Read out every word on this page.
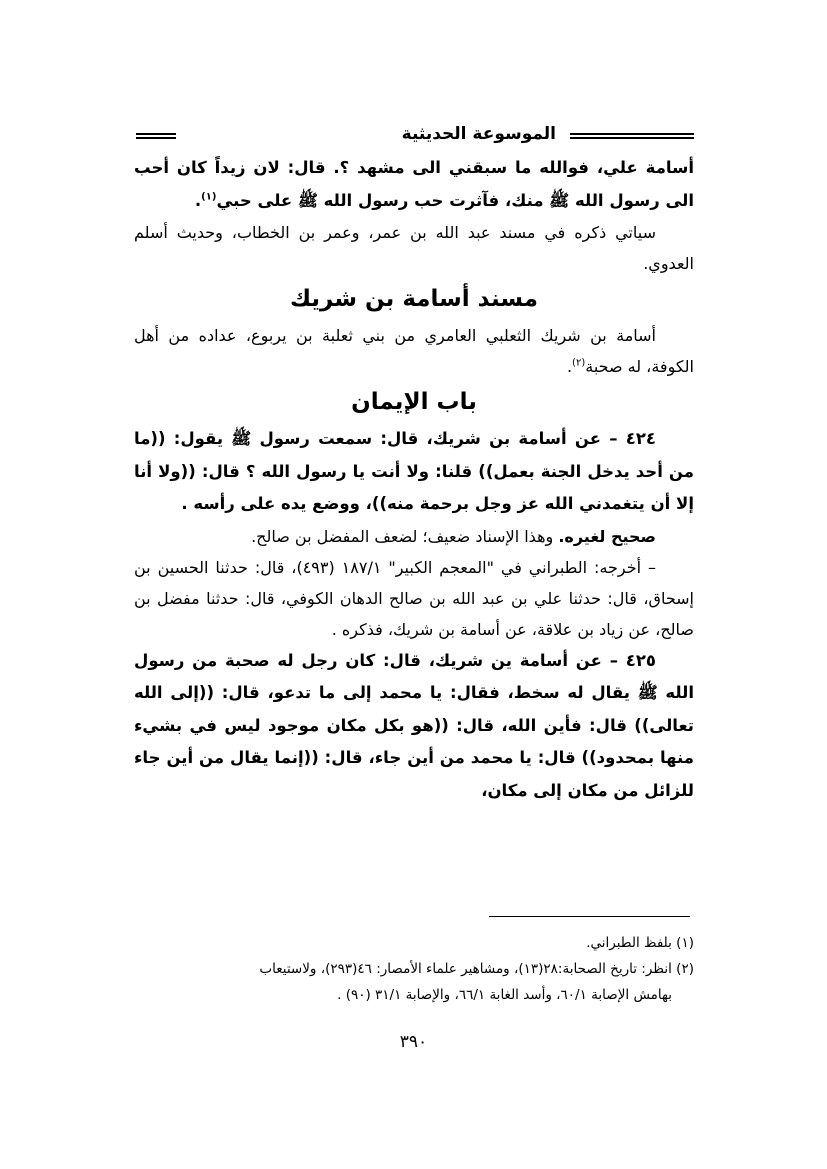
الموسوعة الحديثية

أسامة علي، فوالله ما سبقني الى مشهد ؟. قال: لان زيداً كان أحب الى رسول الله ﷺ منك، فآثرت حب رسول الله ﷺ على حبي$^{(١)}$.

سياتي ذكره في مسند عبد الله بن عمر، وعمر بن الخطاب، وحديث أسلم العدوي.

مسند أسامة بن شريك

أسامة بن شريك الثعلبي العامري من بني ثعلبة بن يربوع، عداده من أهل الكوفة، له صحبة$^{(٢)}$.

باب الإيمان

٤٢٤ – عن أسامة بن شريك، قال: سمعت رسول ﷺ يقول: ((ما من أحد يدخل الجنة بعمل)) قلنا: ولا أنت يا رسول الله ؟ قال: ((ولا أنا إلا أن يتغمدني الله عز وجل برحمة منه))، ووضع يده على رأسه .

صحيح لغيره. وهذا الإسناد ضعيف؛ لضعف المفضل بن صالح.

– أخرجه: الطبراني في "المعجم الكبير" ١٨٧/١ (٤٩٣)، قال: حدثنا الحسين بن إسحاق، قال: حدثنا علي بن عبد الله بن صالح الدهان الكوفي، قال: حدثنا مفضل بن صالح، عن زياد بن علاقة، عن أسامة بن شريك، فذكره .

٤٢٥ – عن أسامة ين شريك، قال: كان رجل له صحبة من رسول الله ﷺ يقال له سخط، فقال: يا محمد إلى ما تدعو، قال: ((إلى الله تعالى)) قال: فأين الله، قال: ((هو بكل مكان موجود ليس في بشيء منها بمحدود)) قال: يا محمد من أين جاء، قال: ((إنما يقال من أين جاء للزائل من مكان إلى مكان،

(١) بلفظ الطبراني.

(٢) انظر: تاريخ الصحابة:٢٨(١٣)، ومشاهير علماء الأمصار: ٤٦(٢٩٣)، ولاستيعاب

بهامش الإصابة ٦٠/١، وأسد الغابة ٦٦/١، والإصابة ٣١/١ (٩٠) .

٣٩٠
